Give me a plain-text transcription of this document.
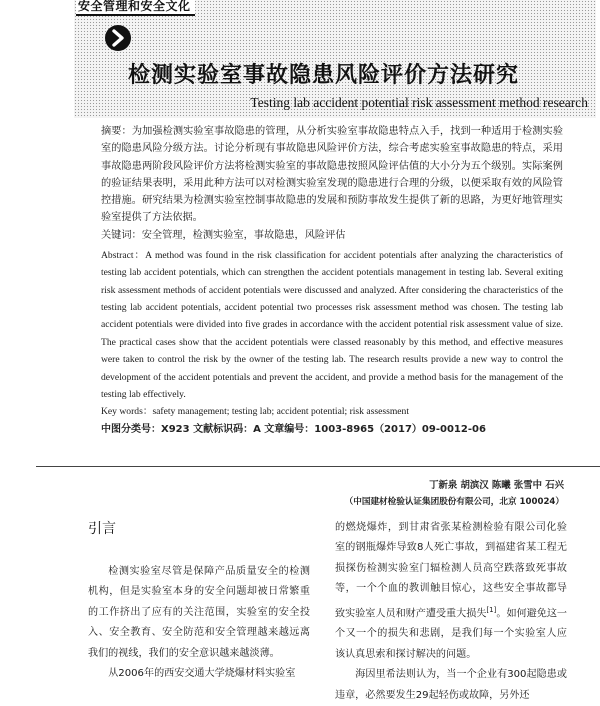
安全管理和安全文化
检测实验室事故隐患风险评价方法研究
Testing lab accident potential risk assessment method research

摘要：为加强检测实验室事故隐患的管理，从分析实验室事故隐患特点入手，找到一种适用于检测实验室的隐患风险分级方法。讨论分析现有事故隐患风险评价方法，综合考虑实验室事故隐患的特点，采用事故隐患两阶段风险评价方法将检测实验室的事故隐患按照风险评估值的大小分为五个级别。实际案例的验证结果表明，采用此种方法可以对检测实验室发现的隐患进行合理的分级，以便采取有效的风险管控措施。研究结果为检测实验室控制事故隐患的发展和预防事故发生提供了新的思路，为更好地管理实验室提供了方法依据。

关键词：安全管理，检测实验室，事故隐患，风险评估

Abstract：A method was found in the risk classification for accident potentials after analyzing the characteristics of testing lab accident potentials, which can strengthen the accident potentials management in testing lab. Several exiting risk assessment methods of accident potentials were discussed and analyzed. After considering the characteristics of the testing lab accident potentials, accident potential two processes risk assessment method was chosen. The testing lab accident potentials were divided into five grades in accordance with the accident potential risk assessment value of size. The practical cases show that the accident potentials were classed reasonably by this method, and effective measures were taken to control the risk by the owner of the testing lab. The research results provide a new way to control the development of the accident potentials and prevent the accident, and provide a method basis for the management of the testing lab effectively.

Key words：safety management; testing lab; accident potential; risk assessment

中图分类号：X923 文献标识码：A 文章编号：1003-8965（2017）09-0012-06

丁新泉 胡滨汉 陈曦 张雪中 石兴
（中国建材检验认证集团股份有限公司，北京 100024）
引言

检测实验室尽管是保障产品质量安全的检测机构，但是实验室本身的安全问题却被日常繁重的工作挤出了应有的关注范围，实验室的安全投入、安全教育、安全防范和安全管理越来越远离我们的视线，我们的安全意识越来越淡薄。

从2006年的西安交通大学烧爆材料实验室

的燃烧爆炸，到甘肃省张某检测检验有限公司化验室的钢瓶爆炸导致8人死亡事故，到福建省某工程无损探伤检测实验室门辐检测人员高空跌落致死事故等，一个个血的教训触目惊心，这些安全事故都导致实验室人员和财产遭受重大损失[1]。如何避免这一个又一个的损失和悲剧，是我们每一个实验室人应该认真思索和探讨解决的问题。

海因里希法则认为，当一个企业有300起隐患或违章，必然要发生29起轻伤或故障，另外还
